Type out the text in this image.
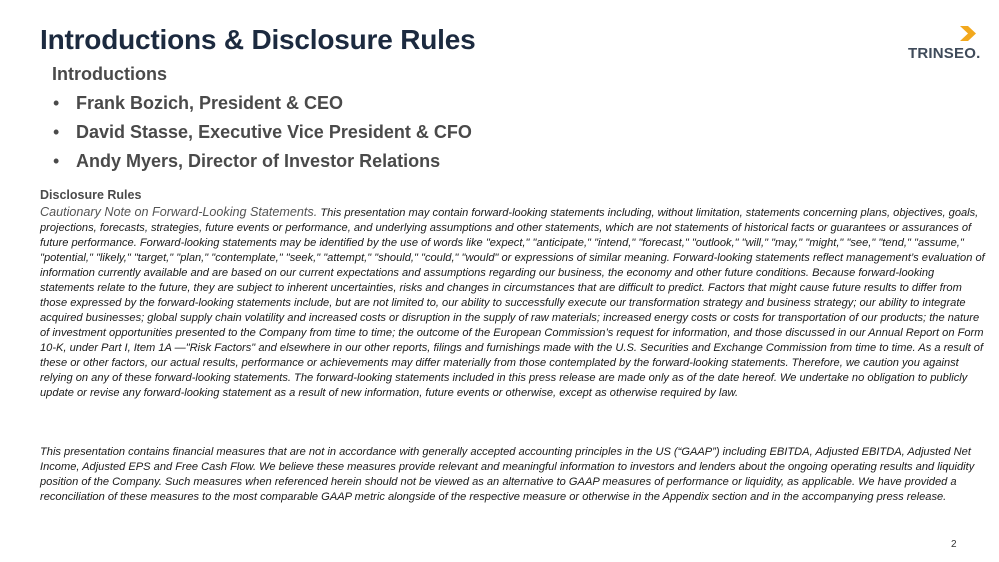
Introductions & Disclosure Rules	TRINSEO.
Introductions
• Frank Bozich, President & CEO
• David Stasse, Executive Vice President & CFO
• Andy Myers, Director of Investor Relations
Disclosure Rules

Cautionary Note on Forward-Looking Statements. This presentation may contain forward-looking statements including, without limitation, statements concerning plans, objectives, goals, projections, forecasts, strategies, future events or performance, and underlying assumptions and other statements, which are not statements of historical facts or guarantees or assurances of future performance. Forward-looking statements may be identified by the use of words like "expect," "anticipate," "intend," "forecast," "outlook," "will," "may," "might," "see," "tend," "assume," "potential," "likely," "target," "plan," "contemplate," "seek," "attempt," "should," "could," "would" or expressions of similar meaning. Forward-looking statements reflect management’s evaluation of information currently available and are based on our current expectations and assumptions regarding our business, the economy and other future conditions. Because forward-looking statements relate to the future, they are subject to inherent uncertainties, risks and changes in circumstances that are difficult to predict. Factors that might cause future results to differ from those expressed by the forward-looking statements include, but are not limited to, our ability to successfully execute our transformation strategy and business strategy; our ability to integrate acquired businesses; global supply chain volatility and increased costs or disruption in the supply of raw materials; increased energy costs or costs for transportation of our products; the nature of investment opportunities presented to the Company from time to time; the outcome of the European Commission’s request for information, and those discussed in our Annual Report on Form 10-K, under Part I, Item 1A —"Risk Factors" and elsewhere in our other reports, filings and furnishings made with the U.S. Securities and Exchange Commission from time to time. As a result of these or other factors, our actual results, performance or achievements may differ materially from those contemplated by the forward-looking statements. Therefore, we caution you against relying on any of these forward-looking statements. The forward-looking statements included in this press release are made only as of the date hereof. We undertake no obligation to publicly update or revise any forward-looking statement as a result of new information, future events or otherwise, except as otherwise required by law.

This presentation contains financial measures that are not in accordance with generally accepted accounting principles in the US (“GAAP”) including EBITDA, Adjusted EBITDA, Adjusted Net Income, Adjusted EPS and Free Cash Flow. We believe these measures provide relevant and meaningful information to investors and lenders about the ongoing operating results and liquidity position of the Company. Such measures when referenced herein should not be viewed as an alternative to GAAP measures of performance or liquidity, as applicable. We have provided a reconciliation of these measures to the most comparable GAAP metric alongside of the respective measure or otherwise in the Appendix section and in the accompanying press release.

2
